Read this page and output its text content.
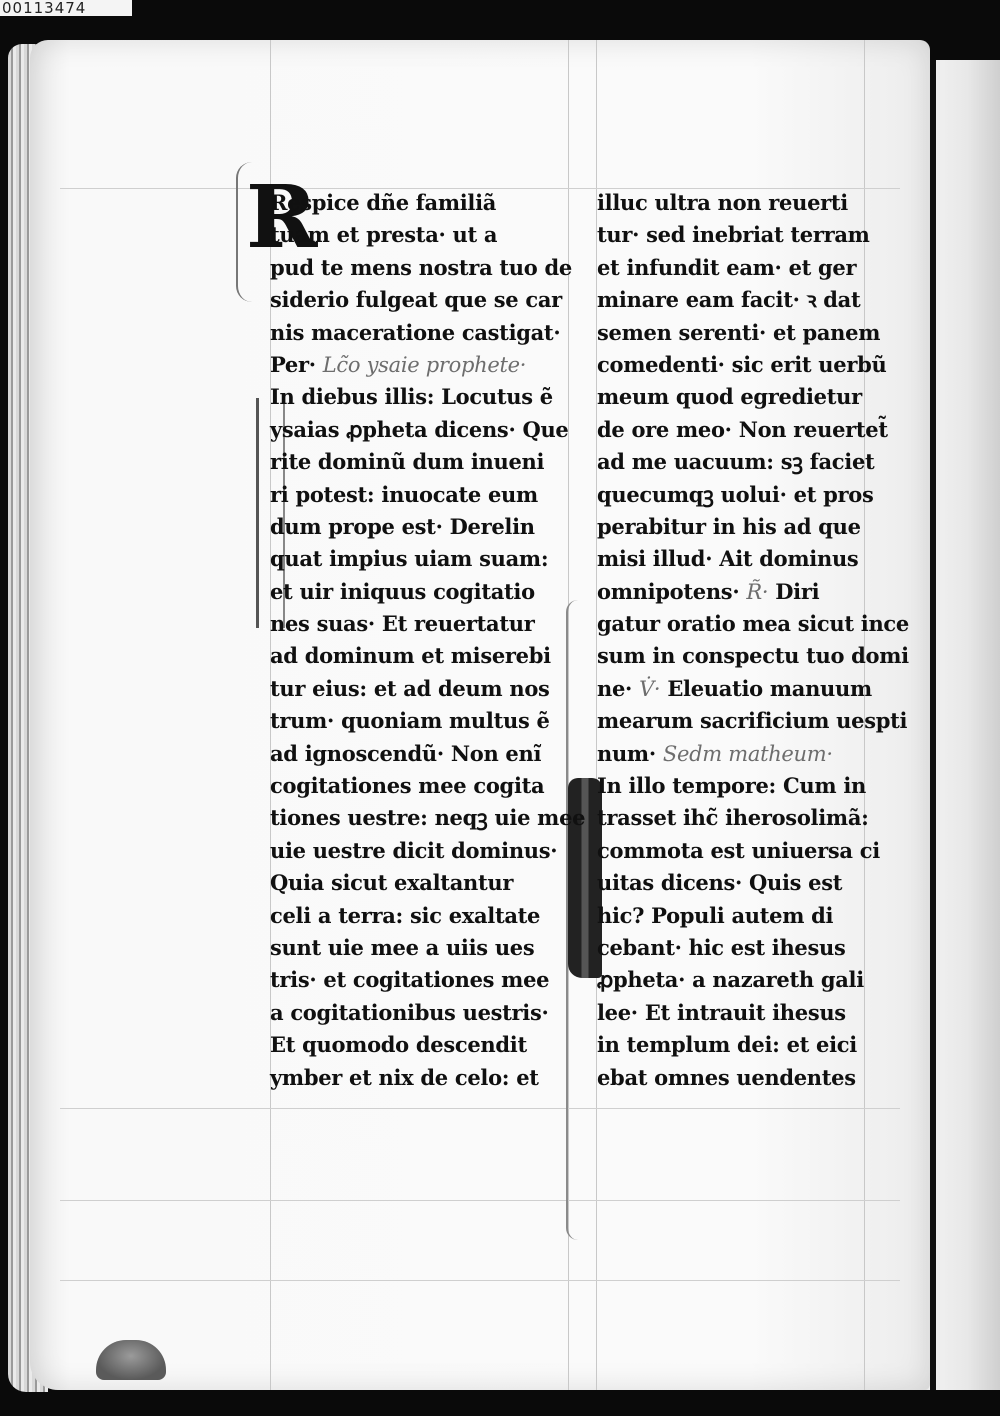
00113474
R
Respice dñe familiã
tuam et presta· ut a
pud te mens nostra tuo de
siderio fulgeat que se car
nis maceratione castigat·
Per· Lc̃o ysaie prophete·
In diebus illis: Locutus ẽ
ysaias ꝓpheta dicens· Que
rite dominũ dum inueni
ri potest: inuocate eum
dum prope est· Derelin
quat impius uiam suam:
et uir iniquus cogitatio
nes suas· Et reuertatur
ad dominum et miserebi
tur eius: et ad deum nos
trum· quoniam multus ẽ
ad ignoscendũ· Non enĩ
cogitationes mee cogita
tiones uestre: neqꝫ uie mee
uie uestre dicit dominus·
Quia sicut exaltantur
celi a terra: sic exaltate
sunt uie mee a uiis ues
tris· et cogitationes mee
a cogitationibus uestris·
Et quomodo descendit
ymber et nix de celo: et
illuc ultra non reuerti
tur· sed inebriat terram
et infundit eam· et ger
minare eam facit· ꝛ dat
semen serenti· et panem
comedenti· sic erit uerbũ
meum quod egredietur
de ore meo· Non reuertet̃
ad me uacuum: sꝫ faciet
quecumqꝫ uolui· et pros
perabitur in his ad que
misi illud· Ait dominus
omnipotens· R̃· Diri
gatur oratio mea sicut ince
sum in conspectu tuo domi
ne· V̇· Eleuatio manuum
mearum sacrificium uespti
num· Sedm matheum·
In illo tempore: Cum in
trasset ihc̃ iherosolimã:
commota est uniuersa ci
uitas dicens· Quis est
hic? Populi autem di
cebant· hic est ihesus
ꝓpheta· a nazareth gali
lee· Et intrauit ihesus
in templum dei: et eici
ebat omnes uendentes
